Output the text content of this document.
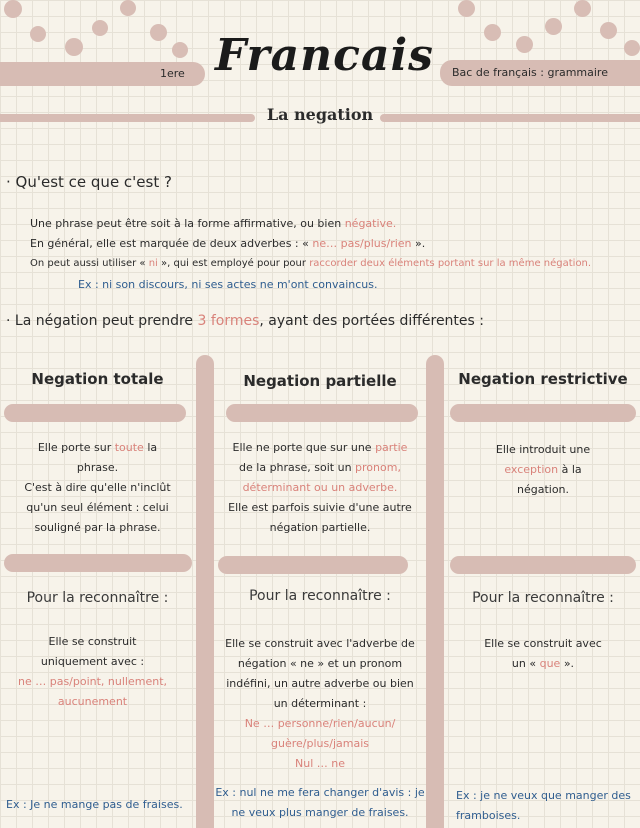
1ere	Bac de français : grammaire
Francais
La negation
· Qu'est ce que c'est ?
Une phrase peut être soit à la forme affirmative, ou bien négative.
En général, elle est marquée de deux adverbes : « ne… pas/plus/rien ».
On peut aussi utiliser « ni », qui est employé pour pour raccorder deux éléments portant sur la même négation.
Ex : ni son discours, ni ses actes ne m'ont convaincus.
· La négation peut prendre 3 formes, ayant des portées différentes :
Negation totale	Negation partielle	Negation restrictive
Elle porte sur toute la
phrase.
C'est à dire qu'elle n'inclût
qu'un seul élément : celui
souligné par la phrase.
Elle ne porte que sur une partie
de la phrase, soit un pronom,
déterminant ou un adverbe.
Elle est parfois suivie d'une autre
négation partielle.
Elle introduit une
exception à la
négation.
Pour la reconnaître :	Pour la reconnaître :	Pour la reconnaître :
Elle se construit
uniquement avec :
ne … pas/point, nullement,
aucunement
Elle se construit avec l'adverbe de
négation « ne » et un pronom
indéfini, un autre adverbe ou bien
un déterminant :
Ne … personne/rien/aucun/
guère/plus/jamais
Nul … ne
Elle se construit avec
un « que ».
Ex : Je ne mange pas de fraises.
Ex : nul ne me fera changer d'avis : je
ne veux plus manger de fraises.
Ex : je ne veux que manger des
framboises.
